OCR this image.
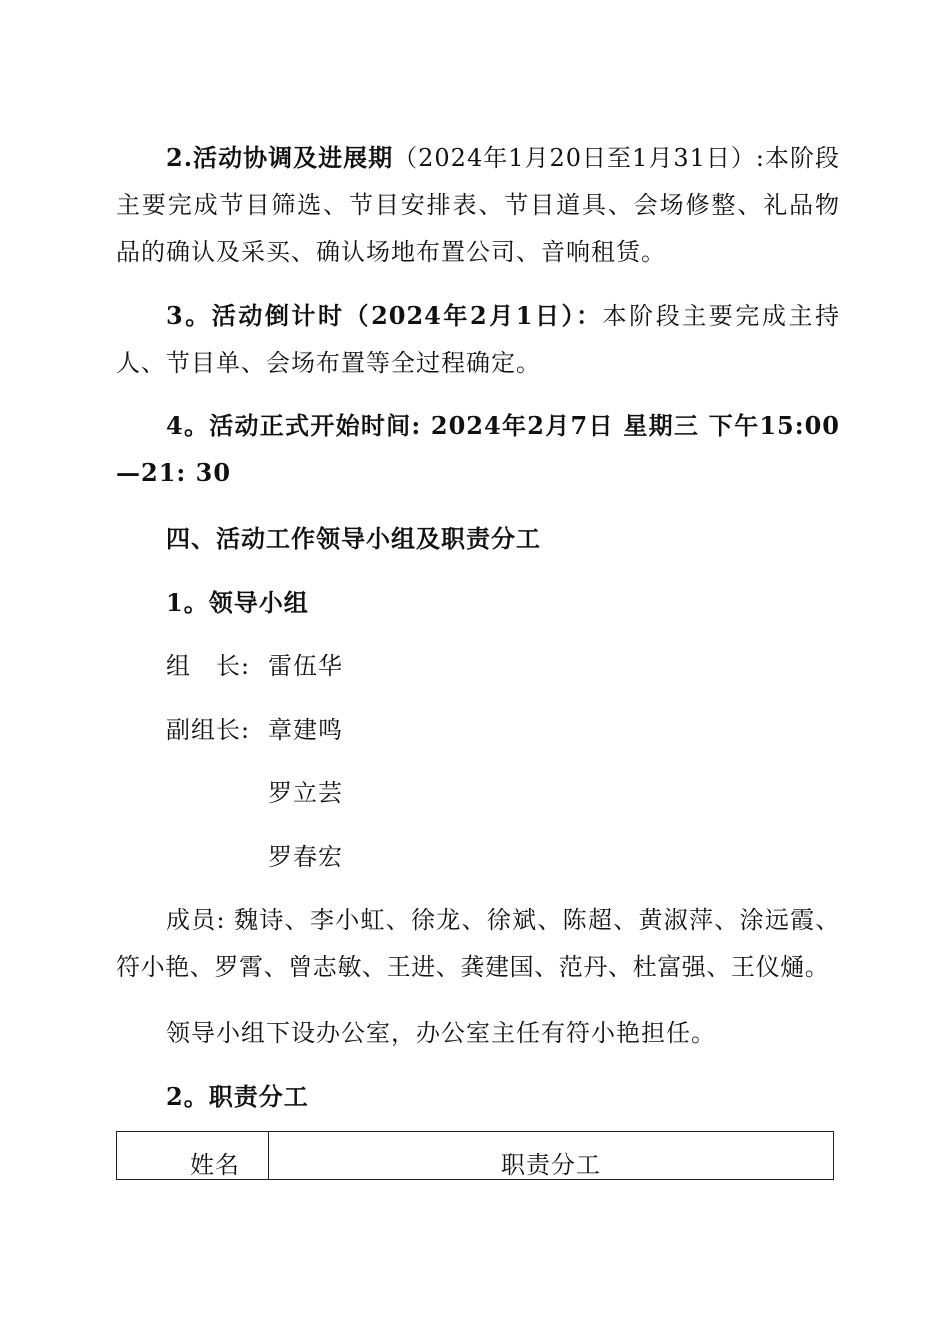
2.活动协调及进展期（2024年1月20日至1月31日）:本阶段主要完成节目筛选、节目安排表、节目道具、会场修整、礼品物品的确认及采买、确认场地布置公司、音响租赁。

3。活动倒计时（2024年2月1日）：本阶段主要完成主持人、节目单、会场布置等全过程确定。

4。活动正式开始时间: 2024年2月7日 星期三 下午15:00—21: 30

四、活动工作领导小组及职责分工

1。领导小组

组　长: 雷伍华

副组长: 章建鸣

罗立芸

罗春宏

成员: 魏诗、李小虹、徐龙、徐斌、陈超、黄淑萍、涂远霞、符小艳、罗霄、曾志敏、王进、龚建国、范丹、杜富强、王仪熥。

领导小组下设办公室，办公室主任有符小艳担任。

2。职责分工

姓名	职责分工
